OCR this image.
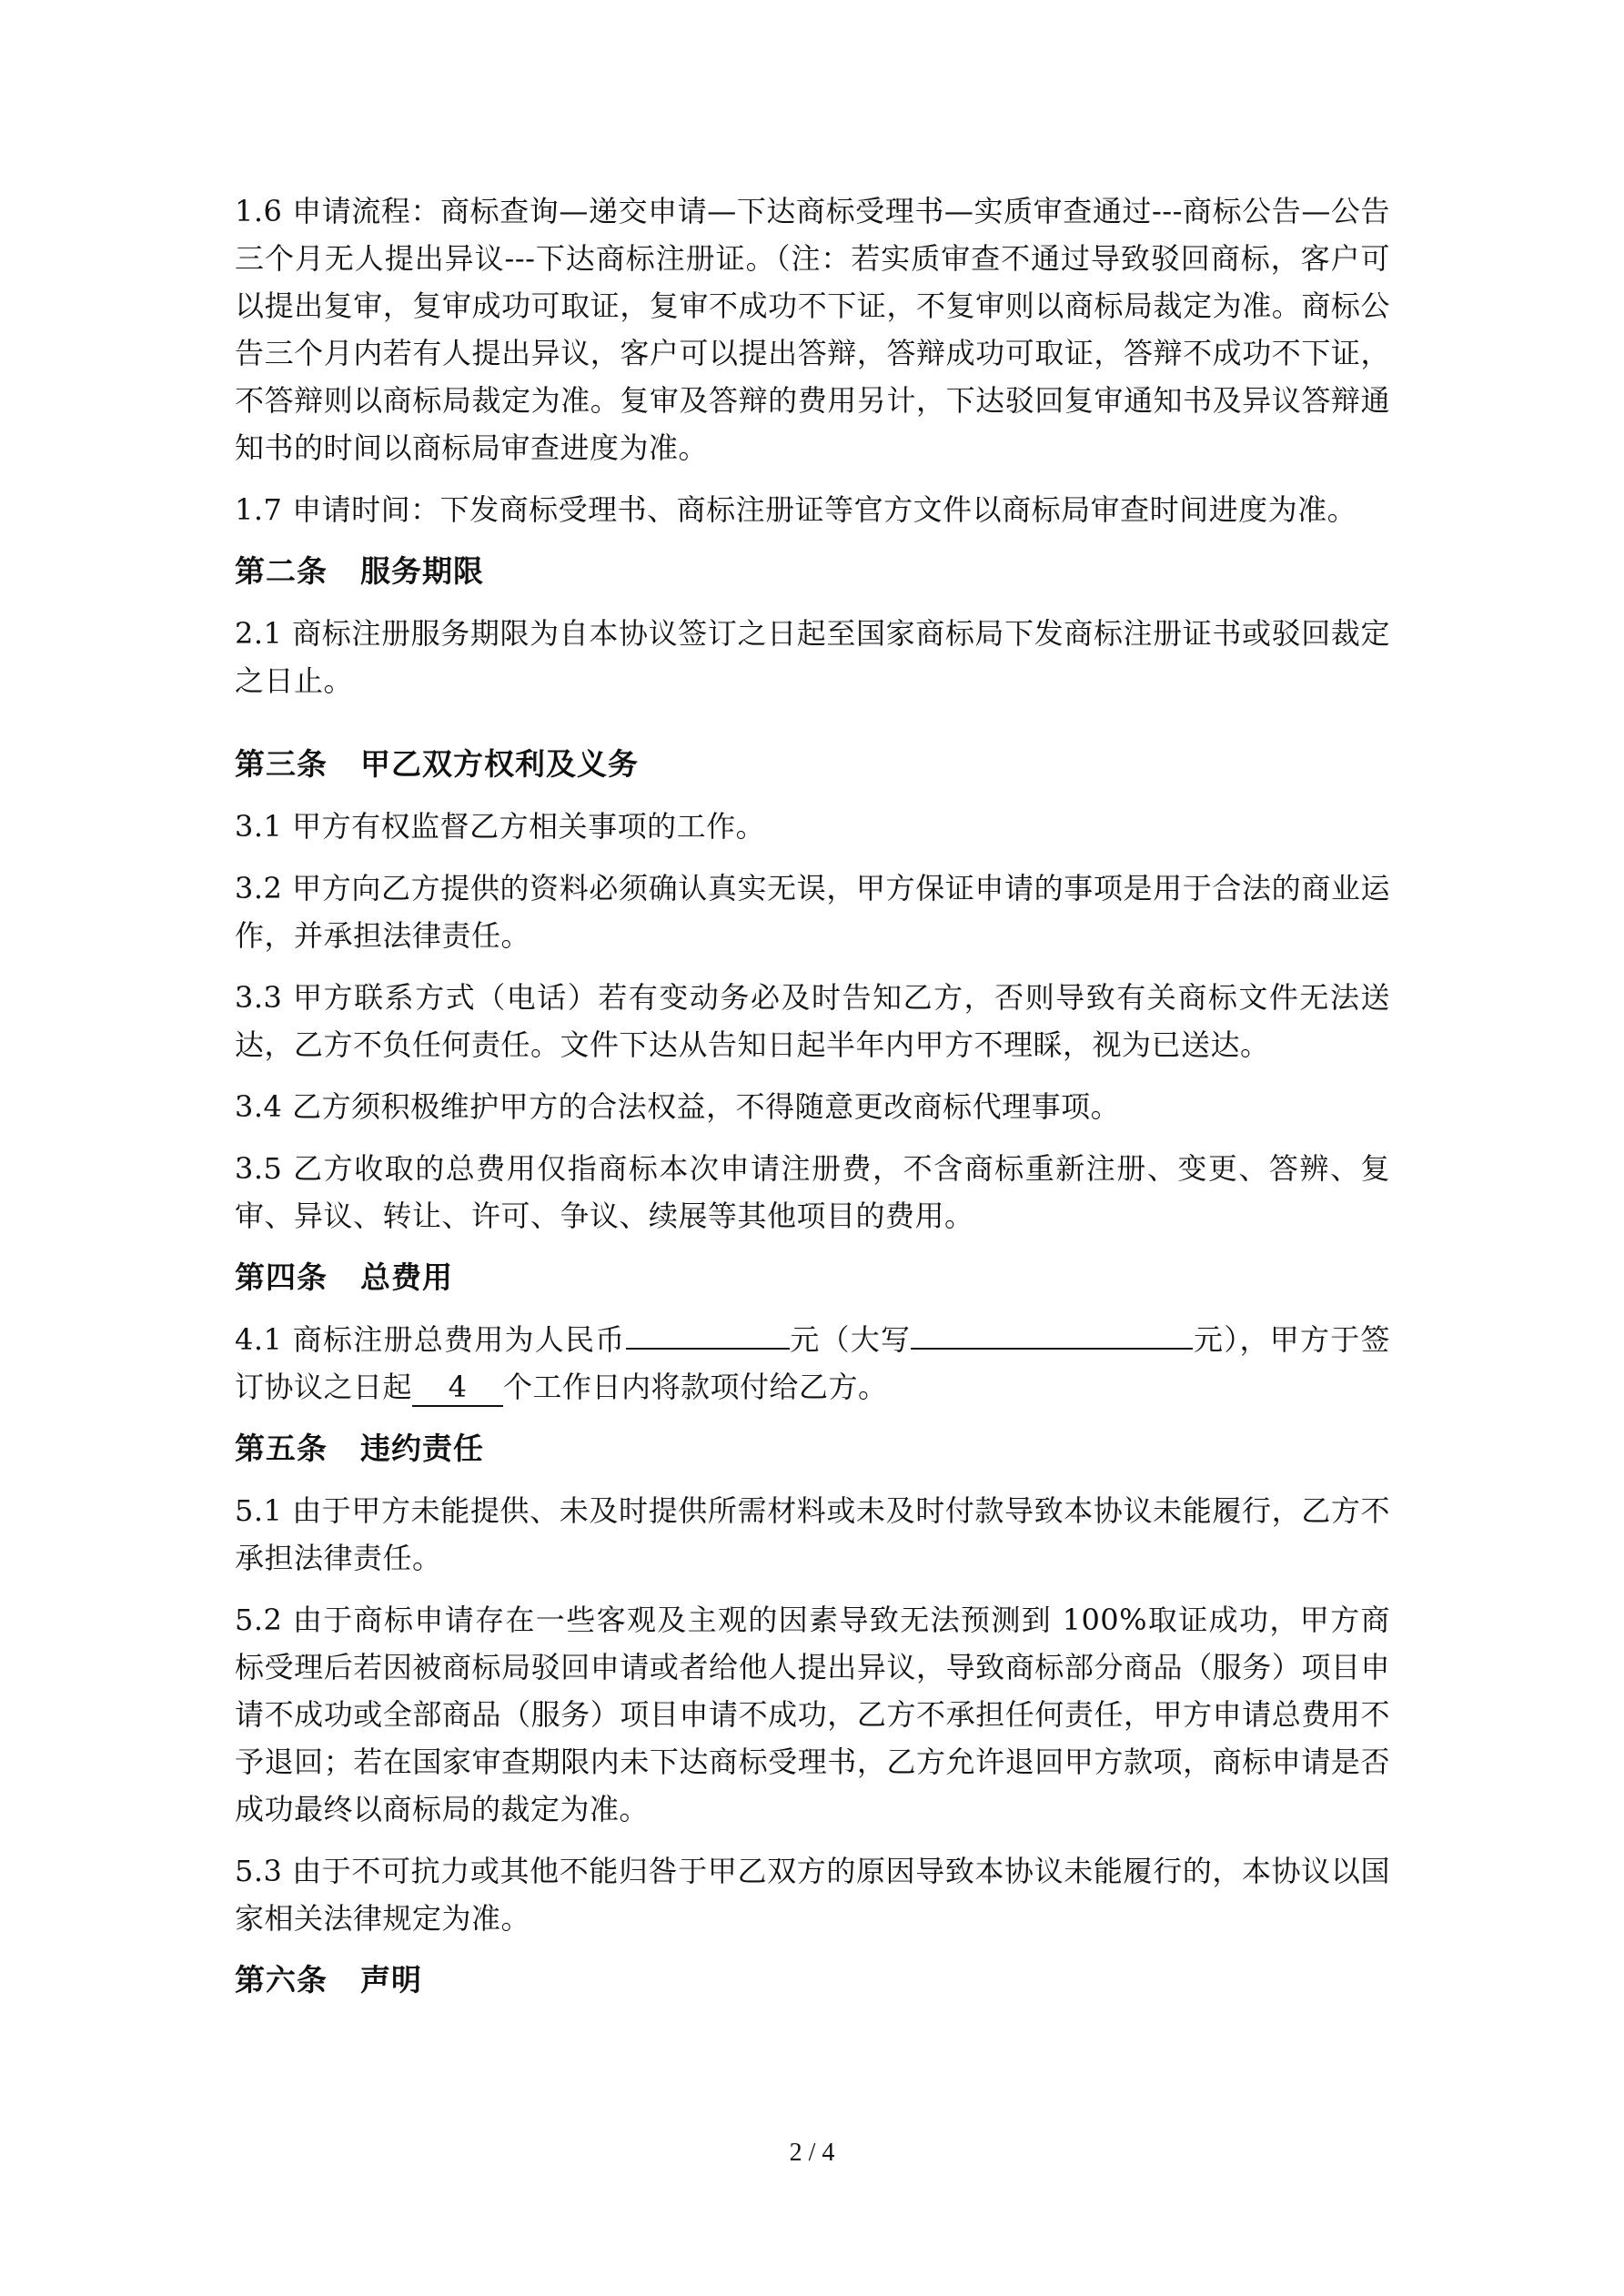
1.6 申请流程：商标查询—递交申请—下达商标受理书—实质审查通过---商标公告—公告三个月无人提出异议---下达商标注册证。（注：若实质审查不通过导致驳回商标，客户可以提出复审，复审成功可取证，复审不成功不下证，不复审则以商标局裁定为准。商标公告三个月内若有人提出异议，客户可以提出答辩，答辩成功可取证，答辩不成功不下证，不答辩则以商标局裁定为准。复审及答辩的费用另计，下达驳回复审通知书及异议答辩通知书的时间以商标局审查进度为准。

1.7 申请时间：下发商标受理书、商标注册证等官方文件以商标局审查时间进度为准。

第二条 服务期限

2.1 商标注册服务期限为自本协议签订之日起至国家商标局下发商标注册证书或驳回裁定之日止。

第三条 甲乙双方权利及义务

3.1 甲方有权监督乙方相关事项的工作。

3.2 甲方向乙方提供的资料必须确认真实无误，甲方保证申请的事项是用于合法的商业运作，并承担法律责任。

3.3 甲方联系方式（电话）若有变动务必及时告知乙方，否则导致有关商标文件无法送达，乙方不负任何责任。文件下达从告知日起半年内甲方不理睬，视为已送达。

3.4 乙方须积极维护甲方的合法权益，不得随意更改商标代理事项。

3.5 乙方收取的总费用仅指商标本次申请注册费，不含商标重新注册、变更、答辨、复审、异议、转让、许可、争议、续展等其他项目的费用。

第四条 总费用

4.1 商标注册总费用为人民币	元（大写	元），甲方于签订协议之日起 4 个工作日内将款项付给乙方。

第五条 违约责任

5.1 由于甲方未能提供、未及时提供所需材料或未及时付款导致本协议未能履行，乙方不承担法律责任。

5.2 由于商标申请存在一些客观及主观的因素导致无法预测到 100%取证成功，甲方商标受理后若因被商标局驳回申请或者给他人提出异议，导致商标部分商品（服务）项目申请不成功或全部商品（服务）项目申请不成功，乙方不承担任何责任，甲方申请总费用不予退回；若在国家审查期限内未下达商标受理书，乙方允许退回甲方款项，商标申请是否成功最终以商标局的裁定为准。

5.3 由于不可抗力或其他不能归咎于甲乙双方的原因导致本协议未能履行的，本协议以国家相关法律规定为准。

第六条 声明
2 / 4
